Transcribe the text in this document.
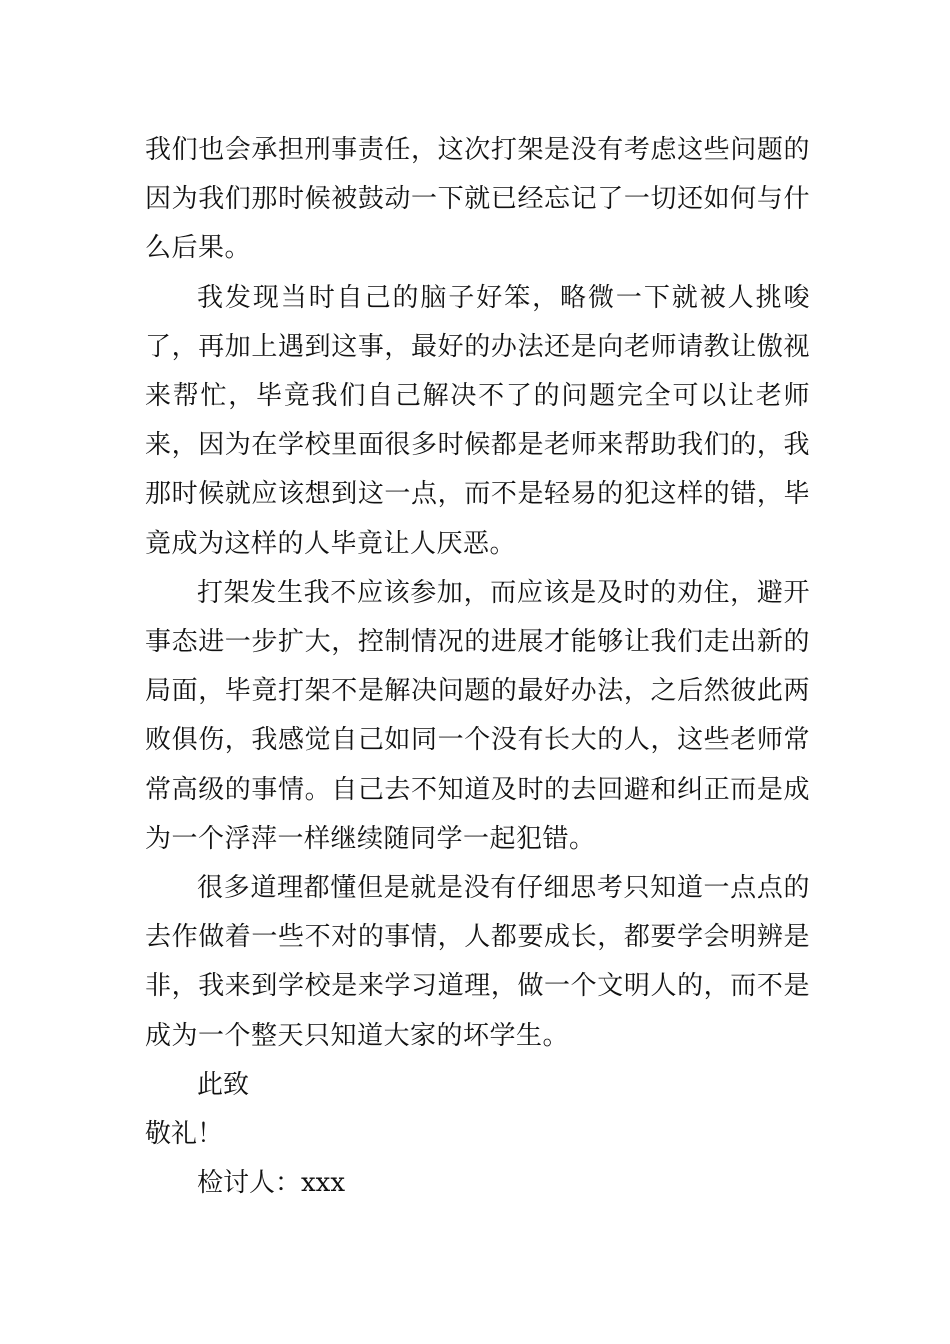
我们也会承担刑事责任，这次打架是没有考虑这些问题的因为我们那时候被鼓动一下就已经忘记了一切还如何与什么后果。

我发现当时自己的脑子好笨，略微一下就被人挑唆了，再加上遇到这事，最好的办法还是向老师请教让傲视来帮忙，毕竟我们自己解决不了的问题完全可以让老师来，因为在学校里面很多时候都是老师来帮助我们的，我那时候就应该想到这一点，而不是轻易的犯这样的错，毕竟成为这样的人毕竟让人厌恶。

打架发生我不应该参加，而应该是及时的劝住，避开事态进一步扩大，控制情况的进展才能够让我们走出新的局面，毕竟打架不是解决问题的最好办法，之后然彼此两败俱伤，我感觉自己如同一个没有长大的人，这些老师常常高级的事情。自己去不知道及时的去回避和纠正而是成为一个浮萍一样继续随同学一起犯错。

很多道理都懂但是就是没有仔细思考只知道一点点的去作做着一些不对的事情，人都要成长，都要学会明辨是非，我来到学校是来学习道理，做一个文明人的，而不是成为一个整天只知道大家的坏学生。

此致

敬礼！

检讨人：xxx
